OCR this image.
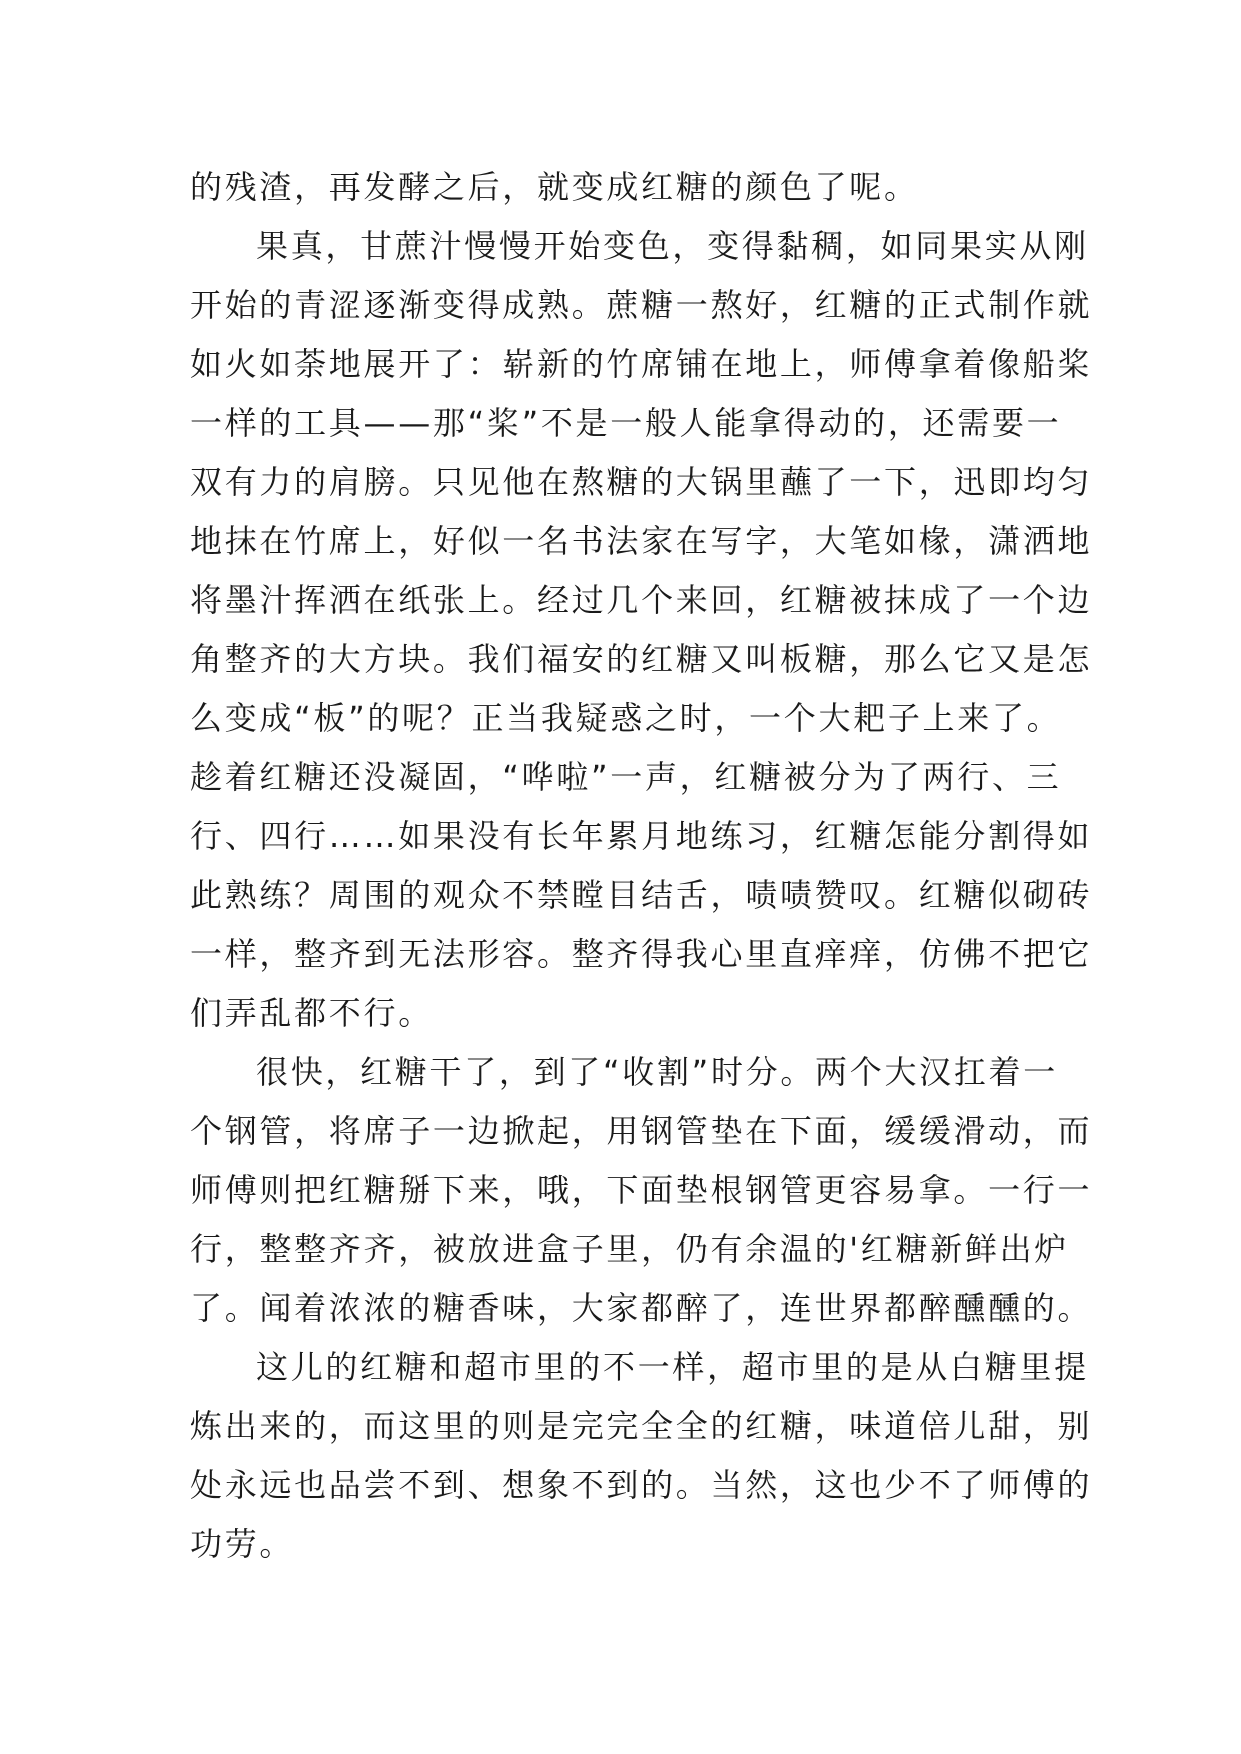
的残渣，再发酵之后，就变成红糖的颜色了呢。
果真，甘蔗汁慢慢开始变色，变得黏稠，如同果实从刚
开始的青涩逐渐变得成熟。蔗糖一熬好，红糖的正式制作就
如火如荼地展开了：崭新的竹席铺在地上，师傅拿着像船桨
一样的工具——那“桨”不是一般人能拿得动的，还需要一
双有力的肩膀。只见他在熬糖的大锅里蘸了一下，迅即均匀
地抹在竹席上，好似一名书法家在写字，大笔如椽，潇洒地
将墨汁挥洒在纸张上。经过几个来回，红糖被抹成了一个边
角整齐的大方块。我们福安的红糖又叫板糖，那么它又是怎
么变成“板”的呢？正当我疑惑之时，一个大耙子上来了。
趁着红糖还没凝固，“哗啦”一声，红糖被分为了两行、三
行、四行……如果没有长年累月地练习，红糖怎能分割得如
此熟练？周围的观众不禁瞠目结舌，啧啧赞叹。红糖似砌砖
一样，整齐到无法形容。整齐得我心里直痒痒，仿佛不把它
们弄乱都不行。
很快，红糖干了，到了“收割”时分。两个大汉扛着一
个钢管，将席子一边掀起，用钢管垫在下面，缓缓滑动，而
师傅则把红糖掰下来，哦，下面垫根钢管更容易拿。一行一
行，整整齐齐，被放进盒子里，仍有余温的'红糖新鲜出炉
了。闻着浓浓的糖香味，大家都醉了，连世界都醉醺醺的。
这儿的红糖和超市里的不一样，超市里的是从白糖里提
炼出来的，而这里的则是完完全全的红糖，味道倍儿甜，别
处永远也品尝不到、想象不到的。当然，这也少不了师傅的
功劳。
